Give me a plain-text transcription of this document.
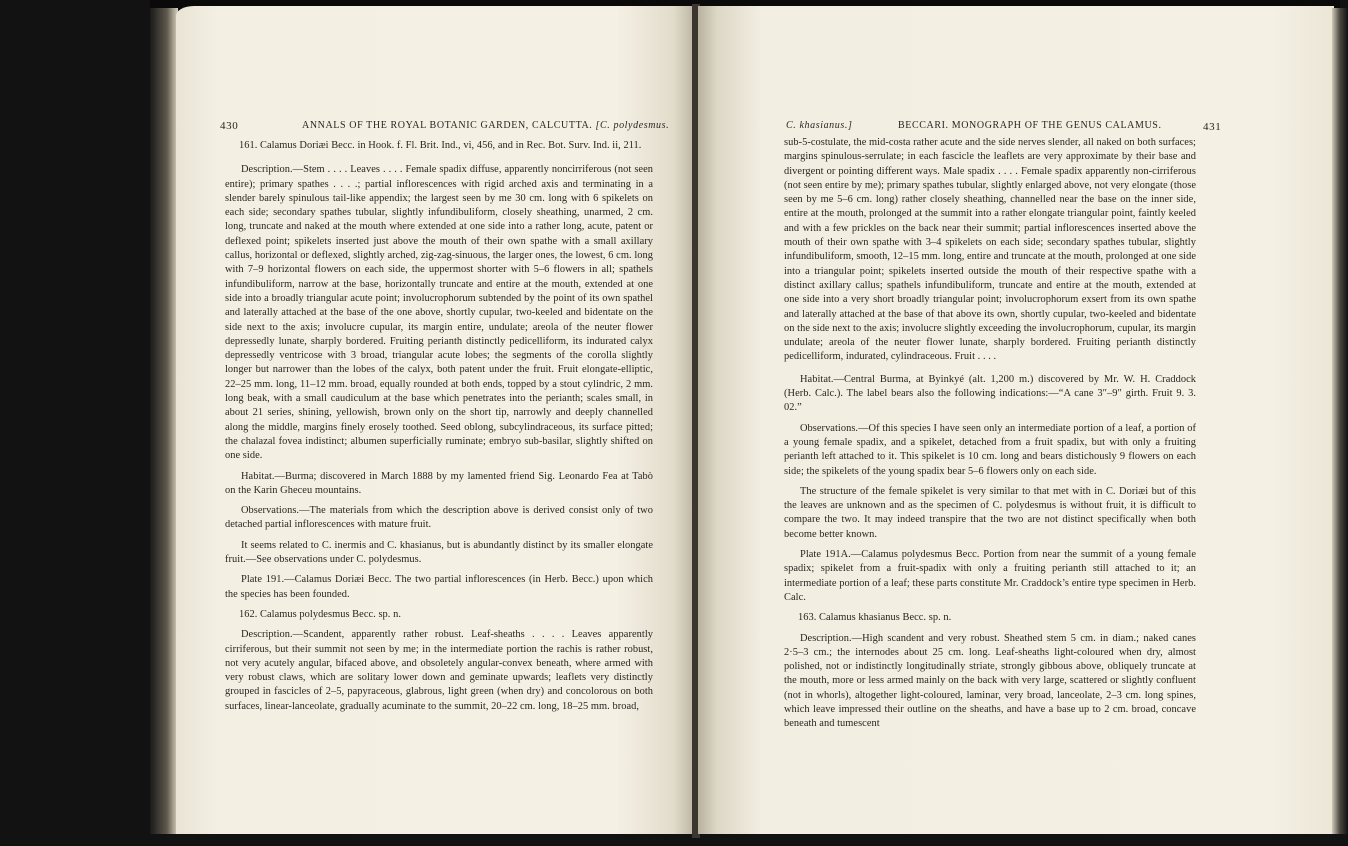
430	ANNALS OF THE ROYAL BOTANIC GARDEN, CALCUTTA. [C. polydesmus.

161. Calamus Doriæi Becc. in Hook. f. Fl. Brit. Ind., vi, 456, and in Rec. Bot. Surv. Ind. ii, 211.

Description.—Stem . . . . Leaves . . . . Female spadix diffuse, apparently noncirriferous (not seen entire); primary spathes . . . .; partial inflorescences with rigid arched axis and terminating in a slender barely spinulous tail-like appendix; the largest seen by me 30 cm. long with 6 spikelets on each side; secondary spathes tubular, slightly infundibuliform, closely sheathing, unarmed, 2 cm. long, truncate and naked at the mouth where extended at one side into a rather long, acute, patent or deflexed point; spikelets inserted just above the mouth of their own spathe with a small axillary callus, horizontal or deflexed, slightly arched, zig-zag-sinuous, the larger ones, the lowest, 6 cm. long with 7–9 horizontal flowers on each side, the uppermost shorter with 5–6 flowers in all; spathels infundibuliform, narrow at the base, horizontally truncate and entire at the mouth, extended at one side into a broadly triangular acute point; involucrophorum subtended by the point of its own spathel and laterally attached at the base of the one above, shortly cupular, two-keeled and bidentate on the side next to the axis; involucre cupular, its margin entire, undulate; areola of the neuter flower depressedly lunate, sharply bordered. Fruiting perianth distinctly pedicelliform, its indurated calyx depressedly ventricose with 3 broad, triangular acute lobes; the segments of the corolla slightly longer but narrower than the lobes of the calyx, both patent under the fruit. Fruit elongate-elliptic, 22–25 mm. long, 11–12 mm. broad, equally rounded at both ends, topped by a stout cylindric, 2 mm. long beak, with a small caudiculum at the base which penetrates into the perianth; scales small, in about 21 series, shining, yellowish, brown only on the short tip, narrowly and deeply channelled along the middle, margins finely erosely toothed. Seed oblong, subcylindraceous, its surface pitted; the chalazal fovea indistinct; albumen superficially ruminate; embryo sub-basilar, slightly shifted on one side.

Habitat.—Burma; discovered in March 1888 by my lamented friend Sig. Leonardo Fea at Tabò on the Karin Gheceu mountains.

Observations.—The materials from which the description above is derived consist only of two detached partial inflorescences with mature fruit.

It seems related to C. inermis and C. khasianus, but is abundantly distinct by its smaller elongate fruit.—See observations under C. polydesmus.

Plate 191.—Calamus Doriæi Becc. The two partial inflorescences (in Herb. Becc.) upon which the species has been founded.

162. Calamus polydesmus Becc. sp. n.

Description.—Scandent, apparently rather robust. Leaf-sheaths . . . . Leaves apparently cirriferous, but their summit not seen by me; in the intermediate portion the rachis is rather robust, not very acutely angular, bifaced above, and obsoletely angular-convex beneath, where armed with very robust claws, which are solitary lower down and geminate upwards; leaflets very distinctly grouped in fascicles of 2–5, papyraceous, glabrous, light green (when dry) and concolorous on both surfaces, linear-lanceolate, gradually acuminate to the summit, 20–22 cm. long, 18–25 mm. broad,

C. khasianus.]	BECCARI. MONOGRAPH OF THE GENUS CALAMUS.	431

sub-5-costulate, the mid-costa rather acute and the side nerves slender, all naked on both surfaces; margins spinulous-serrulate; in each fascicle the leaflets are very approximate by their base and divergent or pointing different ways. Male spadix . . . . Female spadix apparently non-cirriferous (not seen entire by me); primary spathes tubular, slightly enlarged above, not very elongate (those seen by me 5–6 cm. long) rather closely sheathing, channelled near the base on the inner side, entire at the mouth, prolonged at the summit into a rather elongate triangular point, faintly keeled and with a few prickles on the back near their summit; partial inflorescences inserted above the mouth of their own spathe with 3–4 spikelets on each side; secondary spathes tubular, slightly infundibuliform, smooth, 12–15 mm. long, entire and truncate at the mouth, prolonged at one side into a triangular point; spikelets inserted outside the mouth of their respective spathe with a distinct axillary callus; spathels infundibuliform, truncate and entire at the mouth, extended at one side into a very short broadly triangular point; involucrophorum exsert from its own spathe and laterally attached at the base of that above its own, shortly cupular, two-keeled and bidentate on the side next to the axis; involucre slightly exceeding the involucrophorum, cupular, its margin undulate; areola of the neuter flower lunate, sharply bordered. Fruiting perianth distinctly pedicelliform, indurated, cylindraceous. Fruit . . . .

Habitat.—Central Burma, at Byinkyé (alt. 1,200 m.) discovered by Mr. W. H. Craddock (Herb. Calc.). The label bears also the following indications:—“A cane 3″–9″ girth. Fruit 9. 3. 02.”

Observations.—Of this species I have seen only an intermediate portion of a leaf, a portion of a young female spadix, and a spikelet, detached from a fruit spadix, but with only a fruiting perianth left attached to it. This spikelet is 10 cm. long and bears distichously 9 flowers on each side; the spikelets of the young spadix bear 5–6 flowers only on each side.

The structure of the female spikelet is very similar to that met with in C. Doriæi but of this the leaves are unknown and as the specimen of C. polydesmus is without fruit, it is difficult to compare the two. It may indeed transpire that the two are not distinct specifically when both become better known.

Plate 191A.—Calamus polydesmus Becc. Portion from near the summit of a young female spadix; spikelet from a fruit-spadix with only a fruiting perianth still attached to it; an intermediate portion of a leaf; these parts constitute Mr. Craddock’s entire type specimen in Herb. Calc.

163. Calamus khasianus Becc. sp. n.

Description.—High scandent and very robust. Sheathed stem 5 cm. in diam.; naked canes 2·5–3 cm.; the internodes about 25 cm. long. Leaf-sheaths light-coloured when dry, almost polished, not or indistinctly longitudinally striate, strongly gibbous above, obliquely truncate at the mouth, more or less armed mainly on the back with very large, scattered or slightly confluent (not in whorls), altogether light-coloured, laminar, very broad, lanceolate, 2–3 cm. long spines, which leave impressed their outline on the sheaths, and have a base up to 2 cm. broad, concave beneath and tumescent
